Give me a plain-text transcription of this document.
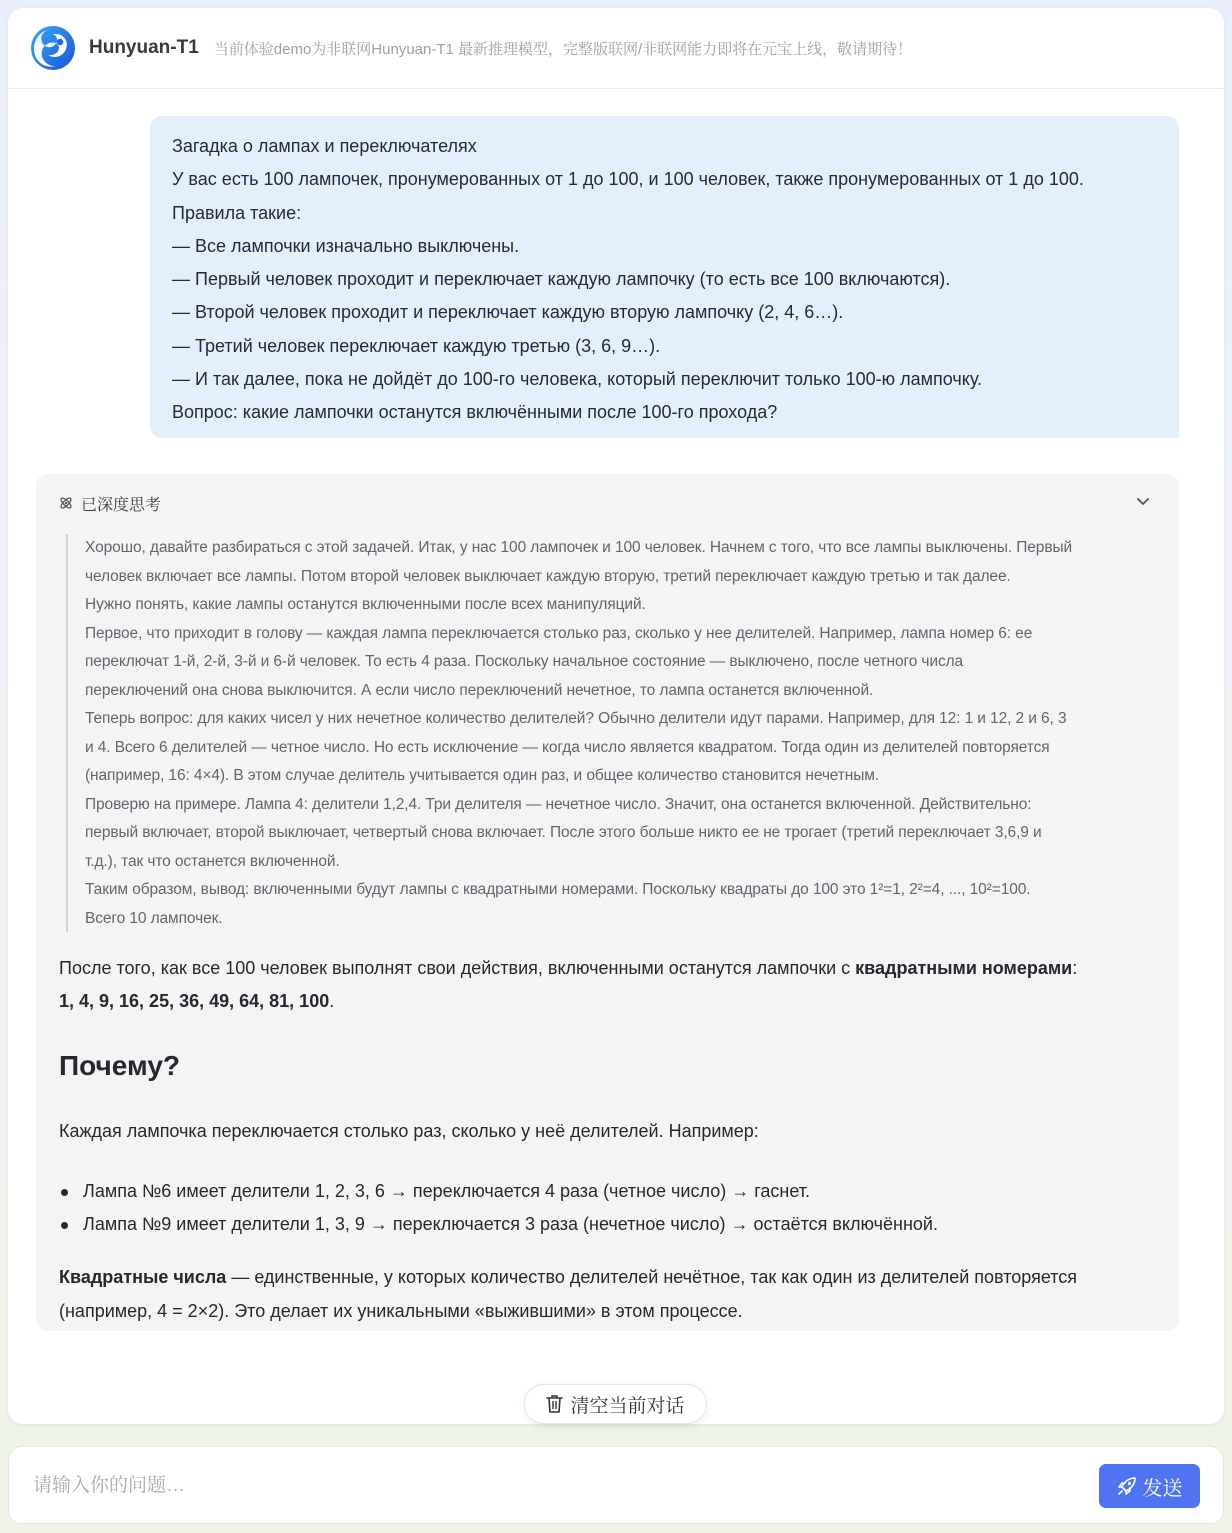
Hunyuan-T1 当前体验demo为非联网Hunyuan-T1 最新推理模型，完整版联网/非联网能力即将在元宝上线，敬请期待！
Загадка о лампах и переключателях
У вас есть 100 лампочек, пронумерованных от 1 до 100, и 100 человек, также пронумерованных от 1 до 100.
Правила такие:
— Все лампочки изначально выключены.
— Первый человек проходит и переключает каждую лампочку (то есть все 100 включаются).
— Второй человек проходит и переключает каждую вторую лампочку (2, 4, 6…).
— Третий человек переключает каждую третью (3, 6, 9…).
— И так далее, пока не дойдёт до 100-го человека, который переключит только 100-ю лампочку.
Вопрос: какие лампочки останутся включёнными после 100-го прохода?
已深度思考
Хорошо, давайте разбираться с этой задачей. Итак, у нас 100 лампочек и 100 человек. Начнем с того, что все лампы выключены. Первый
человек включает все лампы. Потом второй человек выключает каждую вторую, третий переключает каждую третью и так далее.
Нужно понять, какие лампы останутся включенными после всех манипуляций.
Первое, что приходит в голову — каждая лампа переключается столько раз, сколько у нее делителей. Например, лампа номер 6: ее
переключат 1-й, 2-й, 3-й и 6-й человек. То есть 4 раза. Поскольку начальное состояние — выключено, после четного числа
переключений она снова выключится. А если число переключений нечетное, то лампа останется включенной.
Теперь вопрос: для каких чисел у них нечетное количество делителей? Обычно делители идут парами. Например, для 12: 1 и 12, 2 и 6, 3
и 4. Всего 6 делителей — четное число. Но есть исключение — когда число является квадратом. Тогда один из делителей повторяется
(например, 16: 4×4). В этом случае делитель учитывается один раз, и общее количество становится нечетным.
Проверю на примере. Лампа 4: делители 1,2,4. Три делителя — нечетное число. Значит, она останется включенной. Действительно:
первый включает, второй выключает, четвертый снова включает. После этого больше никто ее не трогает (третий переключает 3,6,9 и
т.д.), так что останется включенной.
Таким образом, вывод: включенными будут лампы с квадратными номерами. Поскольку квадраты до 100 это 1²=1, 2²=4, ..., 10²=100.
Всего 10 лампочек.
После того, как все 100 человек выполнят свои действия, включенными останутся лампочки с квадратными номерами:
1, 4, 9, 16, 25, 36, 49, 64, 81, 100.
Почему?
Каждая лампочка переключается столько раз, сколько у неё делителей. Например:
Лампа №6 имеет делители 1, 2, 3, 6 → переключается 4 раза (четное число) → гаснет.
Лампа №9 имеет делители 1, 3, 9 → переключается 3 раза (нечетное число) → остаётся включённой.
Квадратные числа — единственные, у которых количество делителей нечётное, так как один из делителей повторяется
(например, 4 = 2×2). Это делает их уникальными «выжившими» в этом процессе.
清空当前对话
请输入你的问题…
发送
